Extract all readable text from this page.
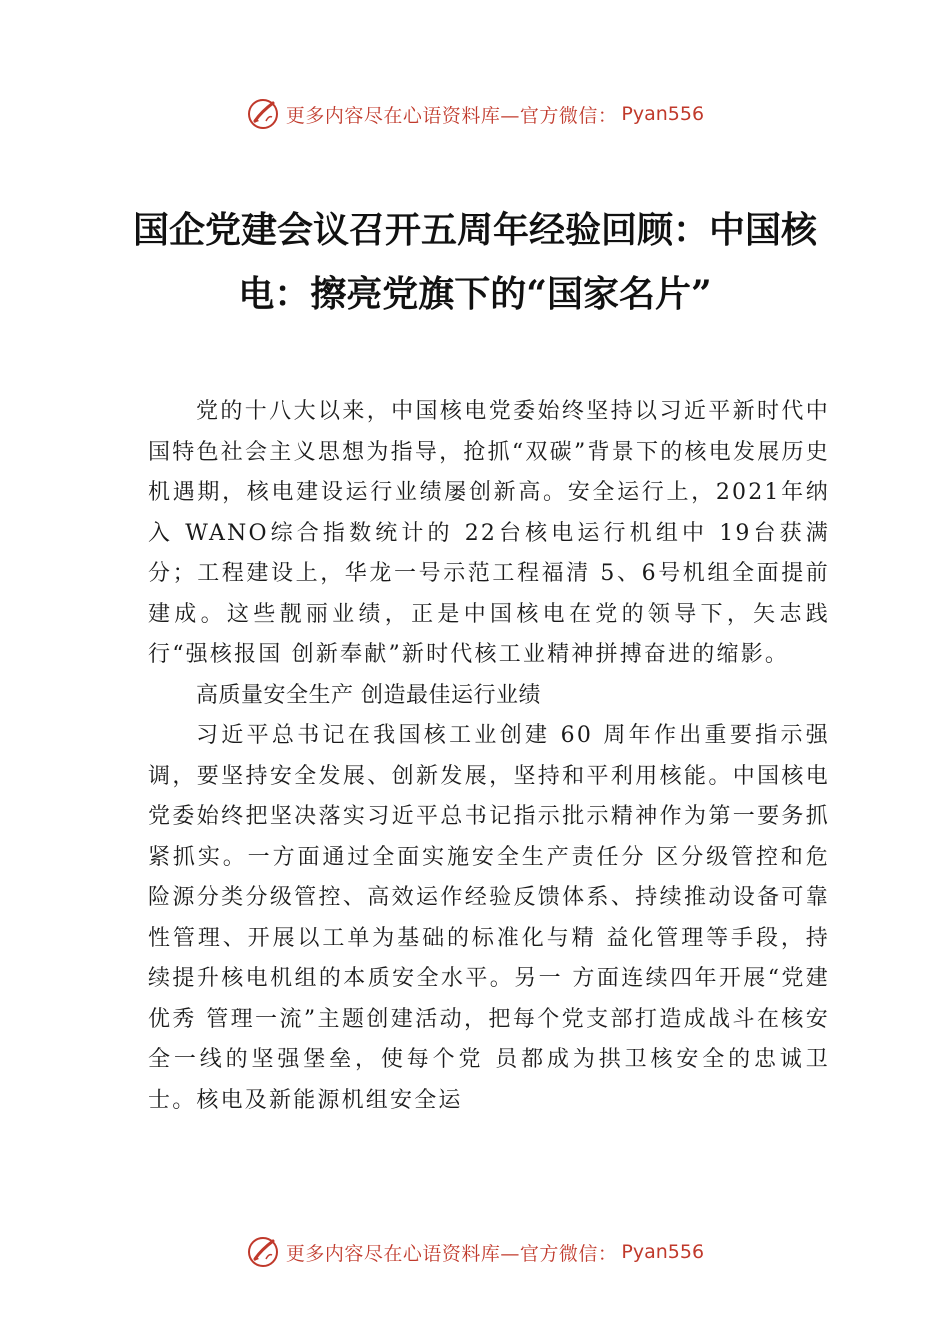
更多内容尽在心语资料库—官方微信： Pyan556
国企党建会议召开五周年经验回顾：中国核电：擦亮党旗下的“国家名片”

党的十八大以来，中国核电党委始终坚持以习近平新时代中国特色社会主义思想为指导，抢抓“双碳”背景下的核电发展历史机遇期，核电建设运行业绩屡创新高。安全运行上，2021年纳入 WANO综合指数统计的 22台核电运行机组中 19台获满分；工程建设上，华龙一号示范工程福清 5、6号机组全面提前建成。这些靓丽业绩，正是中国核电在党的领导下，矢志践行“强核报国 创新奉献”新时代核工业精神拼搏奋进的缩影。

高质量安全生产 创造最佳运行业绩

习近平总书记在我国核工业创建 60 周年作出重要指示强调，要坚持安全发展、创新发展，坚持和平利用核能。中国核电党委始终把坚决落实习近平总书记指示批示精神作为第一要务抓紧抓实。一方面通过全面实施安全生产责任分 区分级管控和危险源分类分级管控、高效运作经验反馈体系、持续推动设备可靠性管理、开展以工单为基础的标准化与精 益化管理等手段，持续提升核电机组的本质安全水平。另一 方面连续四年开展“党建优秀 管理一流”主题创建活动，把每个党支部打造成战斗在核安全一线的坚强堡垒，使每个党 员都成为拱卫核安全的忠诚卫士。核电及新能源机组安全运

更多内容尽在心语资料库—官方微信： Pyan556
